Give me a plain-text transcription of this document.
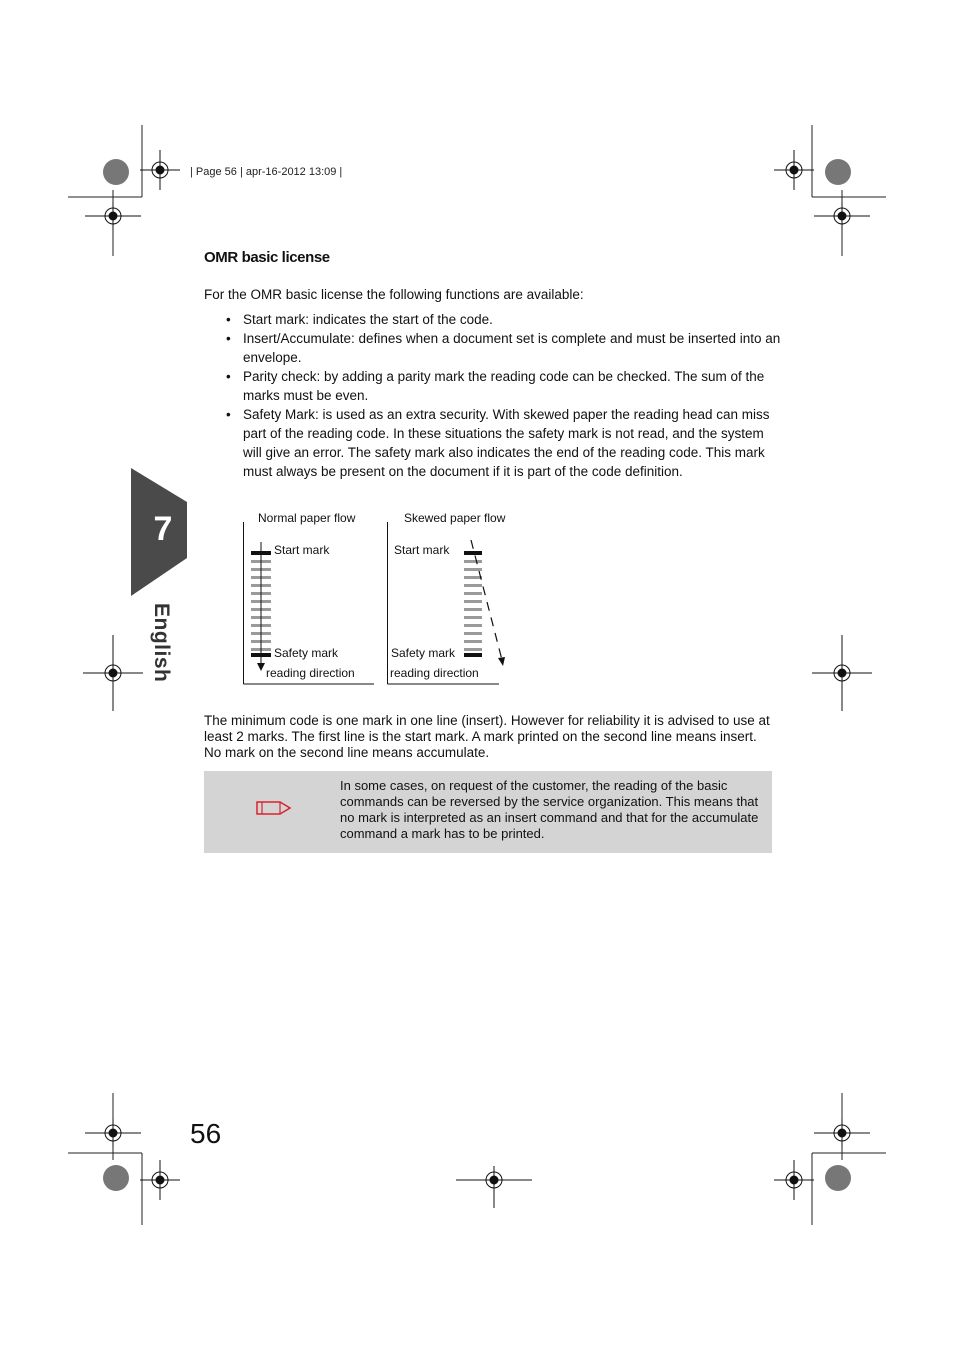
| Page 56 | apr-16-2012 13:09 |
7
English
OMR basic license
For the OMR basic license the following functions are available:
• Start mark: indicates the start of the code.
• Insert/Accumulate: defines when a document set is complete and must be inserted into an envelope.
• Parity check: by adding a parity mark the reading code can be checked. The sum of the marks must be even.
• Safety Mark: is used as an extra security. With skewed paper the reading head can miss part of the reading code. In these situations the safety mark is not read, and the system will give an error. The safety mark also indicates the end of the reading code. This mark must always be present on the document if it is part of the code definition.
Normal paper flow
Start mark
Safety mark
reading direction
Skewed paper flow
Start mark
Safety mark
reading direction
The minimum code is one mark in one line (insert). However for reliability it is advised to use at least 2 marks. The first line is the start mark. A mark printed on the second line means insert. No mark on the second line means accumulate.
In some cases, on request of the customer, the reading of the basic commands can be reversed by the service organization. This means that no mark is interpreted as an insert command and that for the accumulate command a mark has to be printed.
56
